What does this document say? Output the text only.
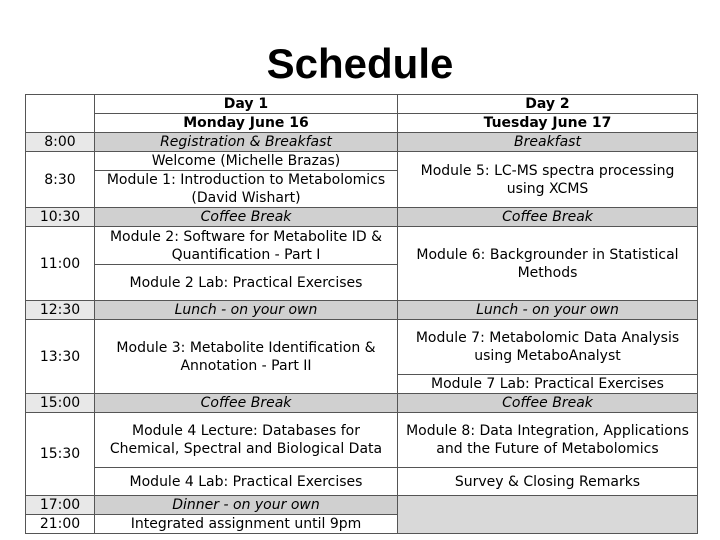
Schedule
	Day 1	Day 2
	Monday June 16	Tuesday June 17
8:00	Registration & Breakfast	Breakfast
8:30	Welcome (Michelle Brazas)	Module 5: LC-MS spectra processing using XCMS
	Module 1: Introduction to Metabolomics (David Wishart)	
10:30	Coffee Break	Coffee Break
11:00	Module 2: Software for Metabolite ID & Quantification - Part I	Module 6: Backgrounder in Statistical Methods
	Module 2 Lab: Practical Exercises	
12:30	Lunch - on your own	Lunch - on your own
13:30	Module 3: Metabolite Identification & Annotation - Part II	Module 7: Metabolomic Data Analysis using MetaboAnalyst
		Module 7 Lab: Practical Exercises
15:00	Coffee Break	Coffee Break
15:30	Module 4 Lecture: Databases for Chemical, Spectral and Biological Data	Module 8: Data Integration, Applications and the Future of Metabolomics
	Module 4 Lab: Practical Exercises	Survey & Closing Remarks
17:00	Dinner - on your own	
21:00	Integrated assignment until 9pm	
